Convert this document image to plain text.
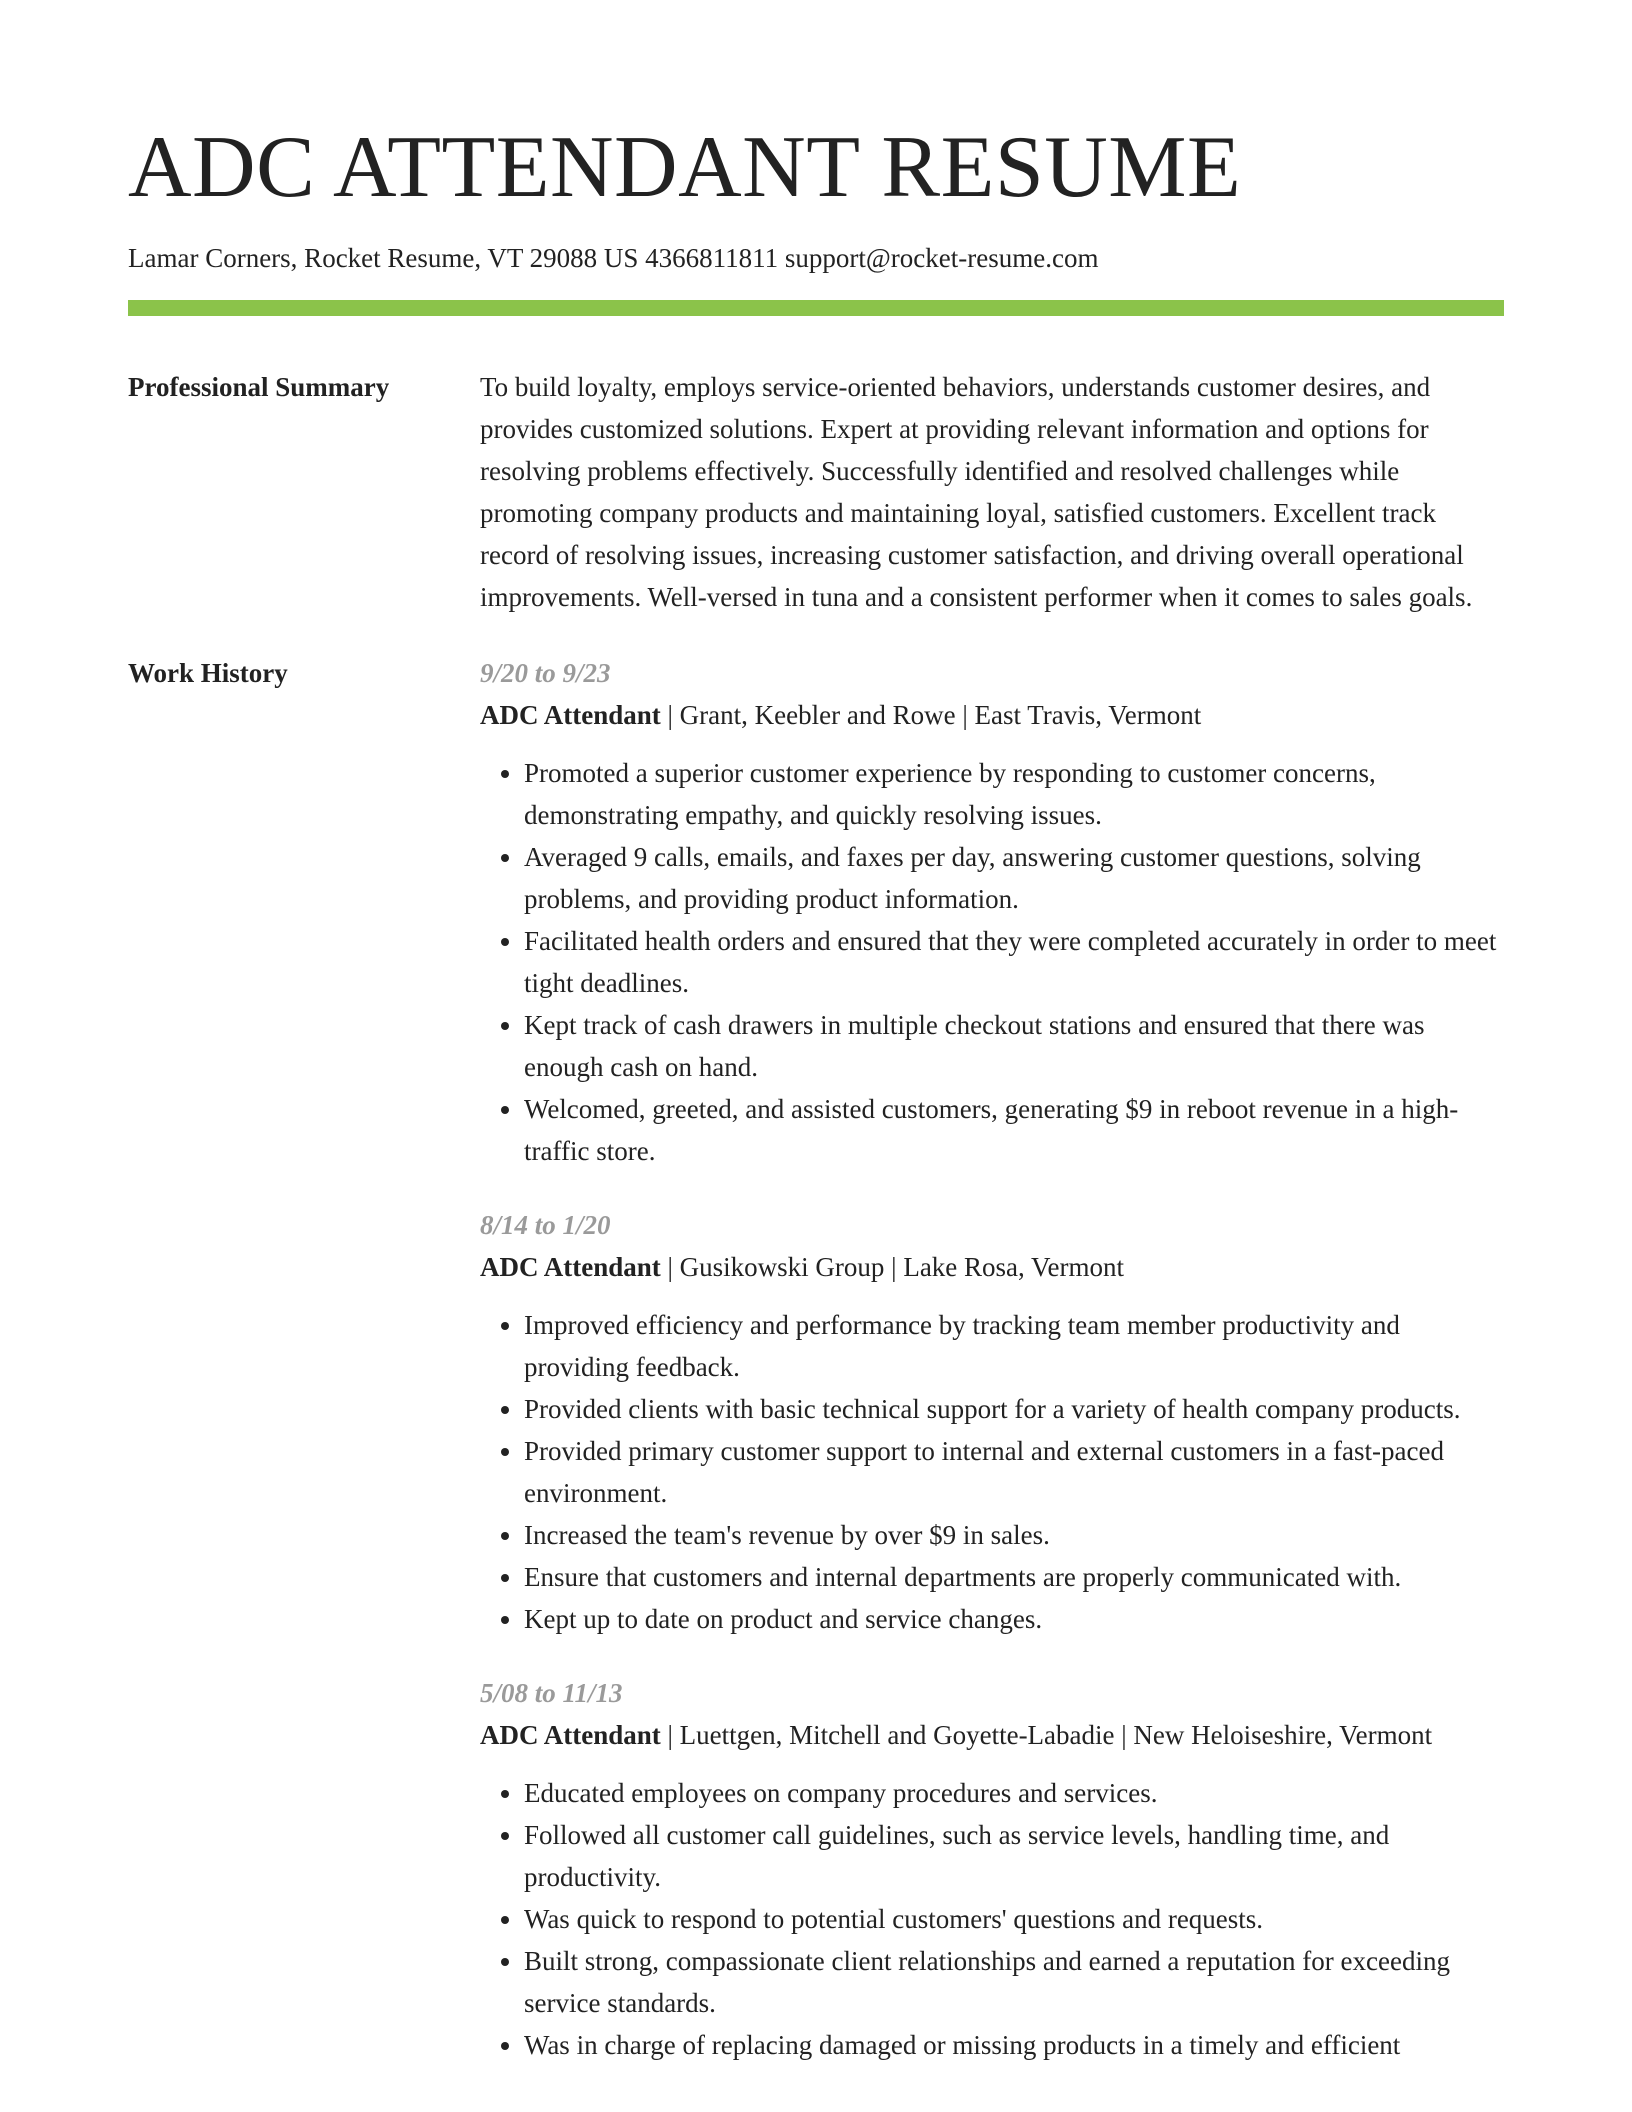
ADC ATTENDANT RESUME
Lamar Corners, Rocket Resume, VT 29088 US 4366811811 support@rocket-resume.com
Professional Summary	To build loyalty, employs service-oriented behaviors, understands customer desires, and provides customized solutions. Expert at providing relevant information and options for resolving problems effectively. Successfully identified and resolved challenges while promoting company products and maintaining loyal, satisfied customers. Excellent track record of resolving issues, increasing customer satisfaction, and driving overall operational improvements. Well-versed in tuna and a consistent performer when it comes to sales goals.

Work History	9/20 to 9/23
ADC Attendant | Grant, Keebler and Rowe | East Travis, Vermont
• Promoted a superior customer experience by responding to customer concerns, demonstrating empathy, and quickly resolving issues.
• Averaged 9 calls, emails, and faxes per day, answering customer questions, solving problems, and providing product information.
• Facilitated health orders and ensured that they were completed accurately in order to meet tight deadlines.
• Kept track of cash drawers in multiple checkout stations and ensured that there was enough cash on hand.
• Welcomed, greeted, and assisted customers, generating $9 in reboot revenue in a high-traffic store.
8/14 to 1/20
ADC Attendant | Gusikowski Group | Lake Rosa, Vermont
• Improved efficiency and performance by tracking team member productivity and providing feedback.
• Provided clients with basic technical support for a variety of health company products.
• Provided primary customer support to internal and external customers in a fast-paced environment.
• Increased the team's revenue by over $9 in sales.
• Ensure that customers and internal departments are properly communicated with.
• Kept up to date on product and service changes.
5/08 to 11/13
ADC Attendant | Luettgen, Mitchell and Goyette-Labadie | New Heloiseshire, Vermont
• Educated employees on company procedures and services.
• Followed all customer call guidelines, such as service levels, handling time, and productivity.
• Was quick to respond to potential customers' questions and requests.
• Built strong, compassionate client relationships and earned a reputation for exceeding service standards.
• Was in charge of replacing damaged or missing products in a timely and efficient
